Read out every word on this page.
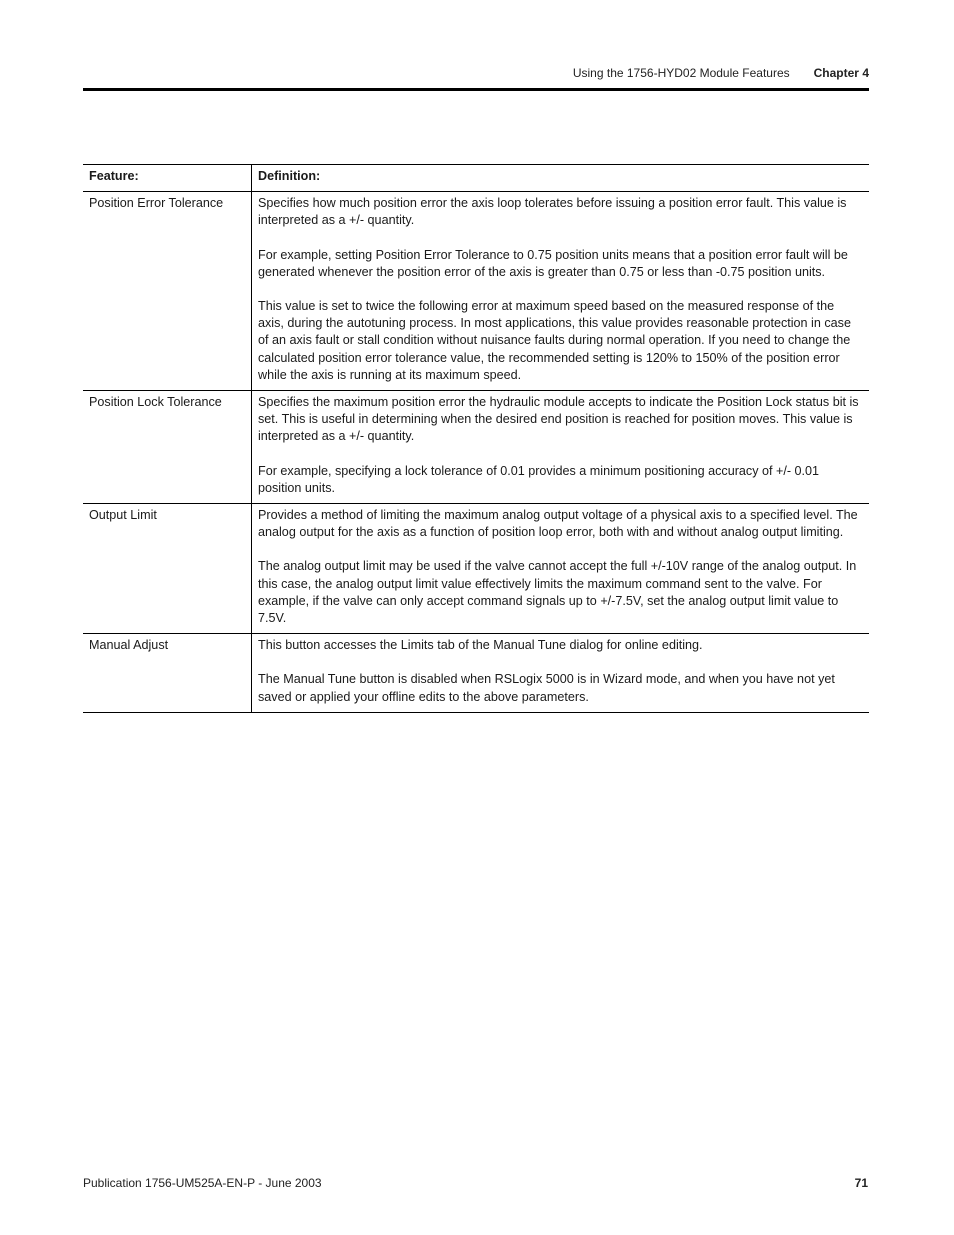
Using the 1756-HYD02 Module Features Chapter 4
Feature:	Definition:
Position Error Tolerance	Specifies how much position error the axis loop tolerates before issuing a position error fault. This value is interpreted as a +/- quantity.

For example, setting Position Error Tolerance to 0.75 position units means that a position error fault will be generated whenever the position error of the axis is greater than 0.75 or less than -0.75 position units.

This value is set to twice the following error at maximum speed based on the measured response of the axis, during the autotuning process. In most applications, this value provides reasonable protection in case of an axis fault or stall condition without nuisance faults during normal operation. If you need to change the calculated position error tolerance value, the recommended setting is 120% to 150% of the position error while the axis is running at its maximum speed.

Position Lock Tolerance	Specifies the maximum position error the hydraulic module accepts to indicate the Position Lock status bit is set. This is useful in determining when the desired end position is reached for position moves. This value is interpreted as a +/- quantity.

For example, specifying a lock tolerance of 0.01 provides a minimum positioning accuracy of +/- 0.01 position units.

Output Limit	Provides a method of limiting the maximum analog output voltage of a physical axis to a specified level. The analog output for the axis as a function of position loop error, both with and without analog output limiting.

The analog output limit may be used if the valve cannot accept the full +/-10V range of the analog output. In this case, the analog output limit value effectively limits the maximum command sent to the valve. For example, if the valve can only accept command signals up to +/-7.5V, set the analog output limit value to 7.5V.

Manual Adjust	This button accesses the Limits tab of the Manual Tune dialog for online editing.

The Manual Tune button is disabled when RSLogix 5000 is in Wizard mode, and when you have not yet saved or applied your offline edits to the above parameters.

Publication 1756-UM525A-EN-P - June 2003	71
